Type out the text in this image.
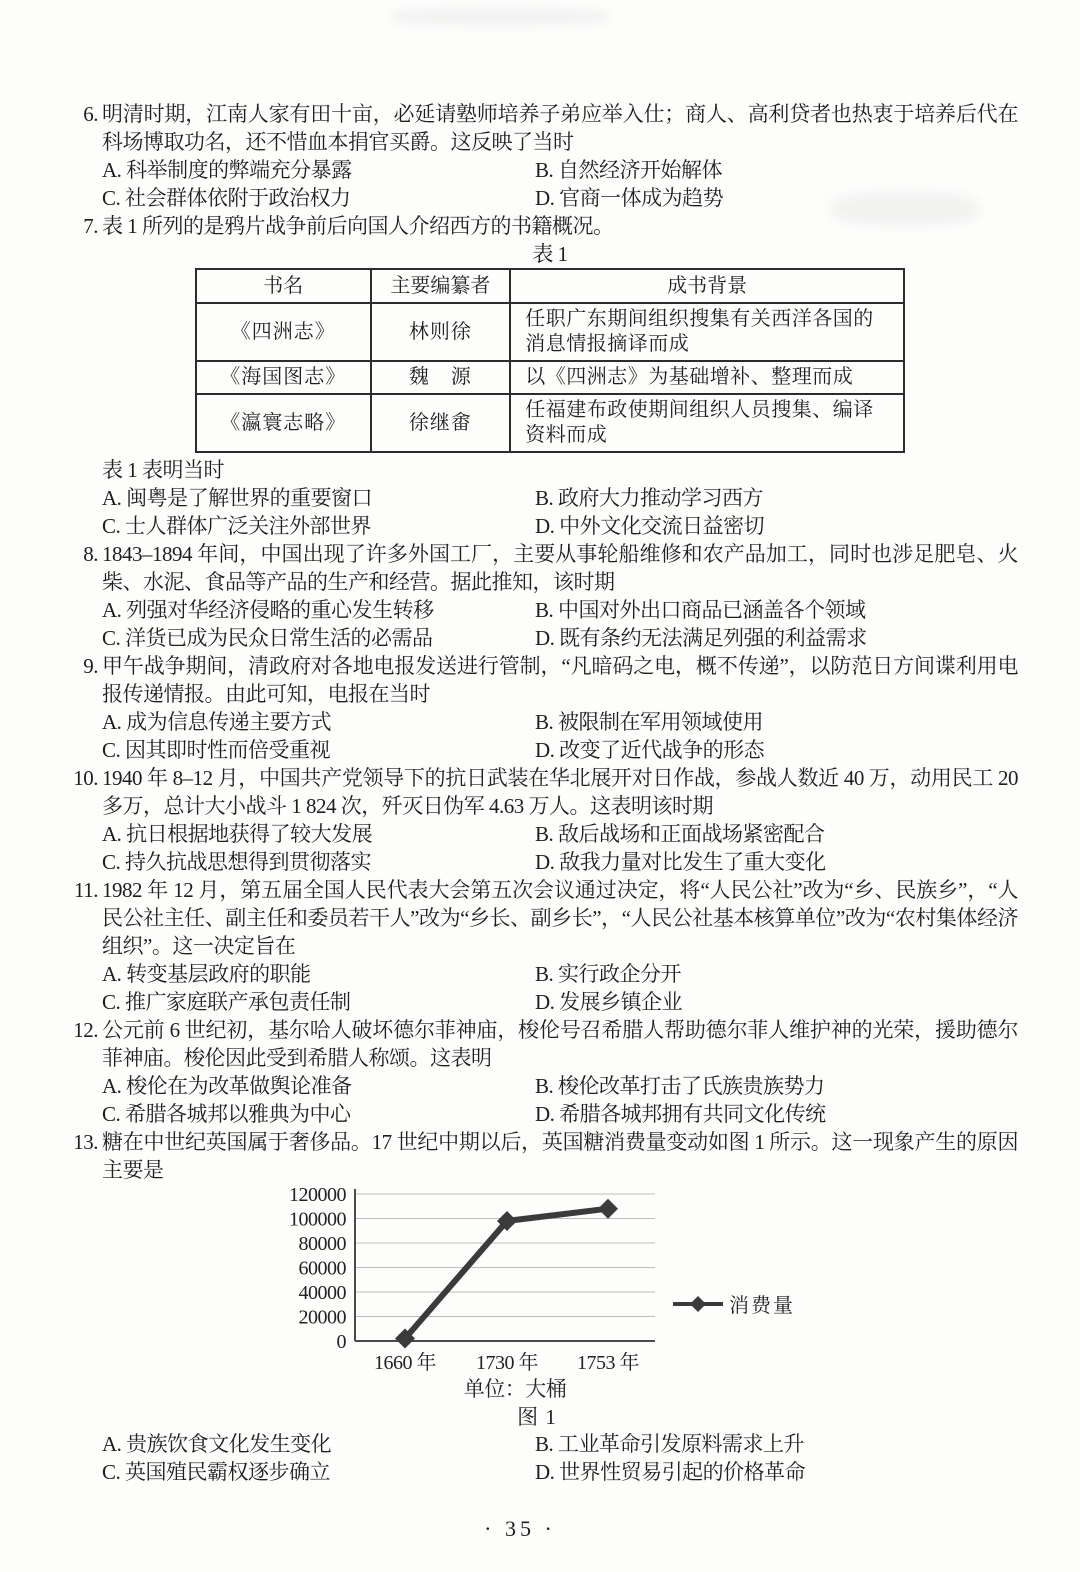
6. 明清时期，江南人家有田十亩，必延请塾师培养子弟应举入仕；商人、高利贷者也热衷于培养后代在科场博取功名，还不惜血本捐官买爵。这反映了当时
A. 科举制度的弊端充分暴露	B. 自然经济开始解体
C. 社会群体依附于政治权力	D. 官商一体成为趋势
7. 表 1 所列的是鸦片战争前后向国人介绍西方的书籍概况。
表 1
书名	主要编纂者	成书背景
《四洲志》	林则徐	任职广东期间组织搜集有关西洋各国的消息情报摘译而成
《海国图志》	魏　源	以《四洲志》为基础增补、整理而成
《瀛寰志略》	徐继畬	任福建布政使期间组织人员搜集、编译资料而成
表 1 表明当时
A. 闽粤是了解世界的重要窗口	B. 政府大力推动学习西方
C. 士人群体广泛关注外部世界	D. 中外文化交流日益密切
8. 1843–1894 年间，中国出现了许多外国工厂，主要从事轮船维修和农产品加工，同时也涉足肥皂、火柴、水泥、食品等产品的生产和经营。据此推知，该时期
A. 列强对华经济侵略的重心发生转移	B. 中国对外出口商品已涵盖各个领域
C. 洋货已成为民众日常生活的必需品	D. 既有条约无法满足列强的利益需求
9. 甲午战争期间，清政府对各地电报发送进行管制，“凡暗码之电，概不传递”，以防范日方间谍利用电报传递情报。由此可知，电报在当时
A. 成为信息传递主要方式	B. 被限制在军用领域使用
C. 因其即时性而倍受重视	D. 改变了近代战争的形态
10. 1940 年 8–12 月，中国共产党领导下的抗日武装在华北展开对日作战，参战人数近 40 万，动用民工 20 多万，总计大小战斗 1 824 次，歼灭日伪军 4.63 万人。这表明该时期
A. 抗日根据地获得了较大发展	B. 敌后战场和正面战场紧密配合
C. 持久抗战思想得到贯彻落实	D. 敌我力量对比发生了重大变化
11. 1982 年 12 月，第五届全国人民代表大会第五次会议通过决定，将“人民公社”改为“乡、民族乡”，“人民公社主任、副主任和委员若干人”改为“乡长、副乡长”，“人民公社基本核算单位”改为“农村集体经济组织”。这一决定旨在
A. 转变基层政府的职能	B. 实行政企分开
C. 推广家庭联产承包责任制	D. 发展乡镇企业
12. 公元前 6 世纪初，基尔哈人破坏德尔菲神庙，梭伦号召希腊人帮助德尔菲人维护神的光荣，援助德尔菲神庙。梭伦因此受到希腊人称颂。这表明
A. 梭伦在为改革做舆论准备	B. 梭伦改革打击了氏族贵族势力
C. 希腊各城邦以雅典为中心	D. 希腊各城邦拥有共同文化传统
13. 糖在中世纪英国属于奢侈品。17 世纪中期以后，英国糖消费量变动如图 1 所示。这一现象产生的原因主要是
0
20000
40000
60000
80000
100000
120000
1660 年 1730 年 1753 年
单位：大桶
消费量
图 1
A. 贵族饮食文化发生变化	B. 工业革命引发原料需求上升
C. 英国殖民霸权逐步确立	D. 世界性贸易引起的价格革命
· 35 ·
